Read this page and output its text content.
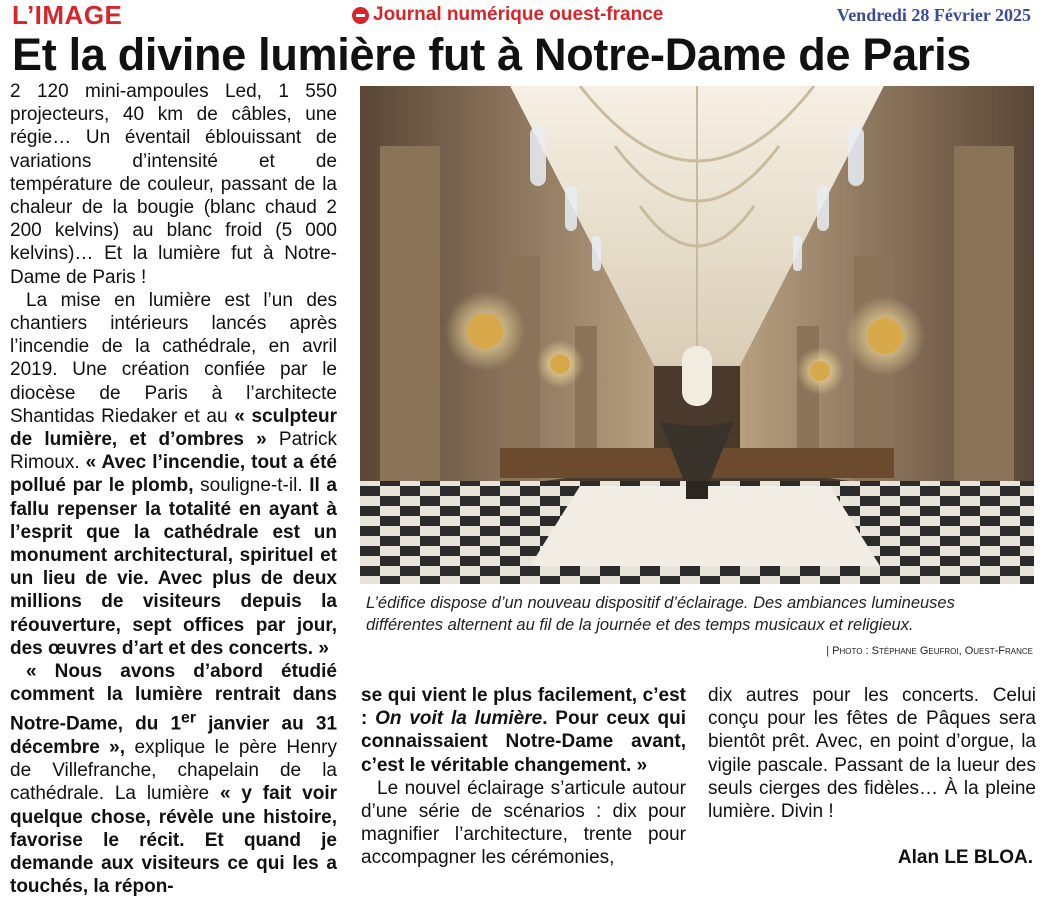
L’IMAGE	Journal numérique ouest-france	Vendredi 28 Février 2025
Et la divine lumière fut à Notre-Dame de Paris

2 120 mini-ampoules Led, 1 550 projecteurs, 40 km de câbles, une régie… Un éventail éblouissant de variations d’intensité et de température de couleur, passant de la chaleur de la bougie (blanc chaud 2 200 kelvins) au blanc froid (5 000 kelvins)… Et la lumière fut à Notre-Dame de Paris !

La mise en lumière est l’un des chantiers intérieurs lancés après l’incendie de la cathédrale, en avril 2019. Une création confiée par le diocèse de Paris à l’architecte Shantidas Riedaker et au « sculpteur de lumière, et d’ombres » Patrick Rimoux. « Avec l’incendie, tout a été pollué par le plomb, souligne-t-il. Il a fallu repenser la totalité en ayant à l’esprit que la cathédrale est un monument architectural, spirituel et un lieu de vie. Avec plus de deux millions de visiteurs depuis la réouverture, sept offices par jour, des œuvres d’art et des concerts. »

« Nous avons d’abord étudié comment la lumière rentrait dans Notre-Dame, du 1er janvier au 31 décembre », explique le père Henry de Villefranche, chapelain de la cathédrale. La lumière « y fait voir quelque chose, révèle une histoire, favorise le récit. Et quand je demande aux visiteurs ce qui les a touchés, la répon-

L’édifice dispose d’un nouveau dispositif d’éclairage. Des ambiances lumineuses différentes alternent au fil de la journée et des temps musicaux et religieux.
| Photo : Stéphane Geufroi, Ouest-France

se qui vient le plus facilement, c’est : On voit la lumière. Pour ceux qui connaissaient Notre-Dame avant, c’est le véritable changement. »

Le nouvel éclairage s’articule autour d’une série de scénarios : dix pour magnifier l’architecture, trente pour accompagner les cérémonies,

dix autres pour les concerts. Celui conçu pour les fêtes de Pâques sera bientôt prêt. Avec, en point d’orgue, la vigile pascale. Passant de la lueur des seuls cierges des fidèles… À la pleine lumière. Divin !

Alan LE BLOA.
